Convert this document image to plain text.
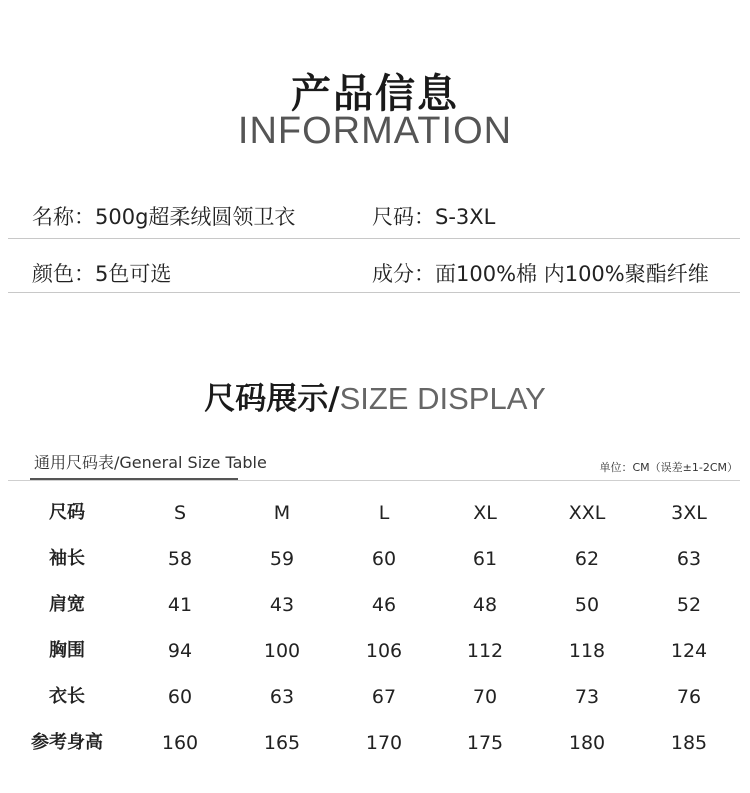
产品信息
INFORMATION
名称：500g超柔绒圆领卫衣	尺码：S-3XL
颜色：5色可选	成分：面100%棉 内100%聚酯纤维
尺码展示/SIZE DISPLAY
通用尺码表/General Size Table	单位：CM（误差±1-2CM）
尺码	S	M	L	XL	XXL	3XL
袖长	58	59	60	61	62	63
肩宽	41	43	46	48	50	52
胸围	94	100	106	112	118	124
衣长	60	63	67	70	73	76
参考身高	160	165	170	175	180	185
